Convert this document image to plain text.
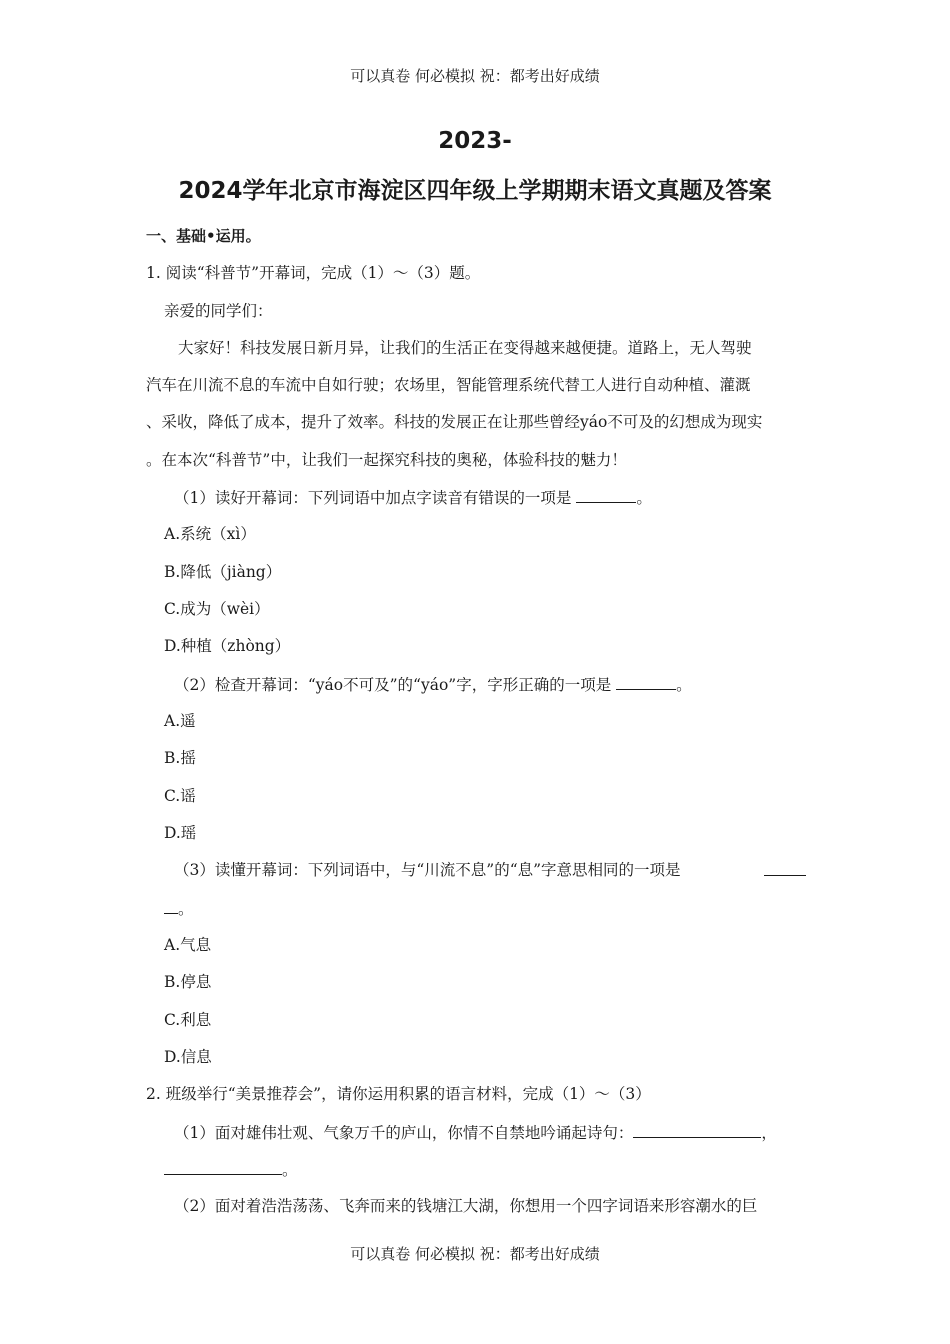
可以真卷 何必模拟 祝：都考出好成绩
2023-
2024学年北京市海淀区四年级上学期期末语文真题及答案
一、基础•运用。
1. 阅读“科普节”开幕词，完成（1）～（3）题。
亲爱的同学们：
大家好！科技发展日新月异，让我们的生活正在变得越来越便捷。道路上，无人驾驶
汽车在川流不息的车流中自如行驶；农场里，智能管理系统代替工人进行自动种植、灌溉
、采收，降低了成本，提升了效率。科技的发展正在让那些曾经yáo不可及的幻想成为现实
。在本次“科普节”中，让我们一起探究科技的奥秘，体验科技的魅力！
（1）读好开幕词：下列词语中加点字读音有错误的一项是	。
A.系统（xì）
B.降低（jiàng）
C.成为（wèi）
D.种植（zhòng）
（2）检查开幕词：“yáo不可及”的“yáo”字，字形正确的一项是	。
A.遥
B.摇
C.谣
D.瑶
（3）读懂开幕词：下列词语中，与“川流不息”的“息”字意思相同的一项是
。
A.气息
B.停息
C.利息
D.信息
2. 班级举行“美景推荐会”，请你运用积累的语言材料，完成（1）～（3）
（1）面对雄伟壮观、气象万千的庐山，你情不自禁地吟诵起诗句：	，
。
（2）面对着浩浩荡荡、飞奔而来的钱塘江大湖，你想用一个四字词语来形容潮水的巨
可以真卷 何必模拟 祝：都考出好成绩
